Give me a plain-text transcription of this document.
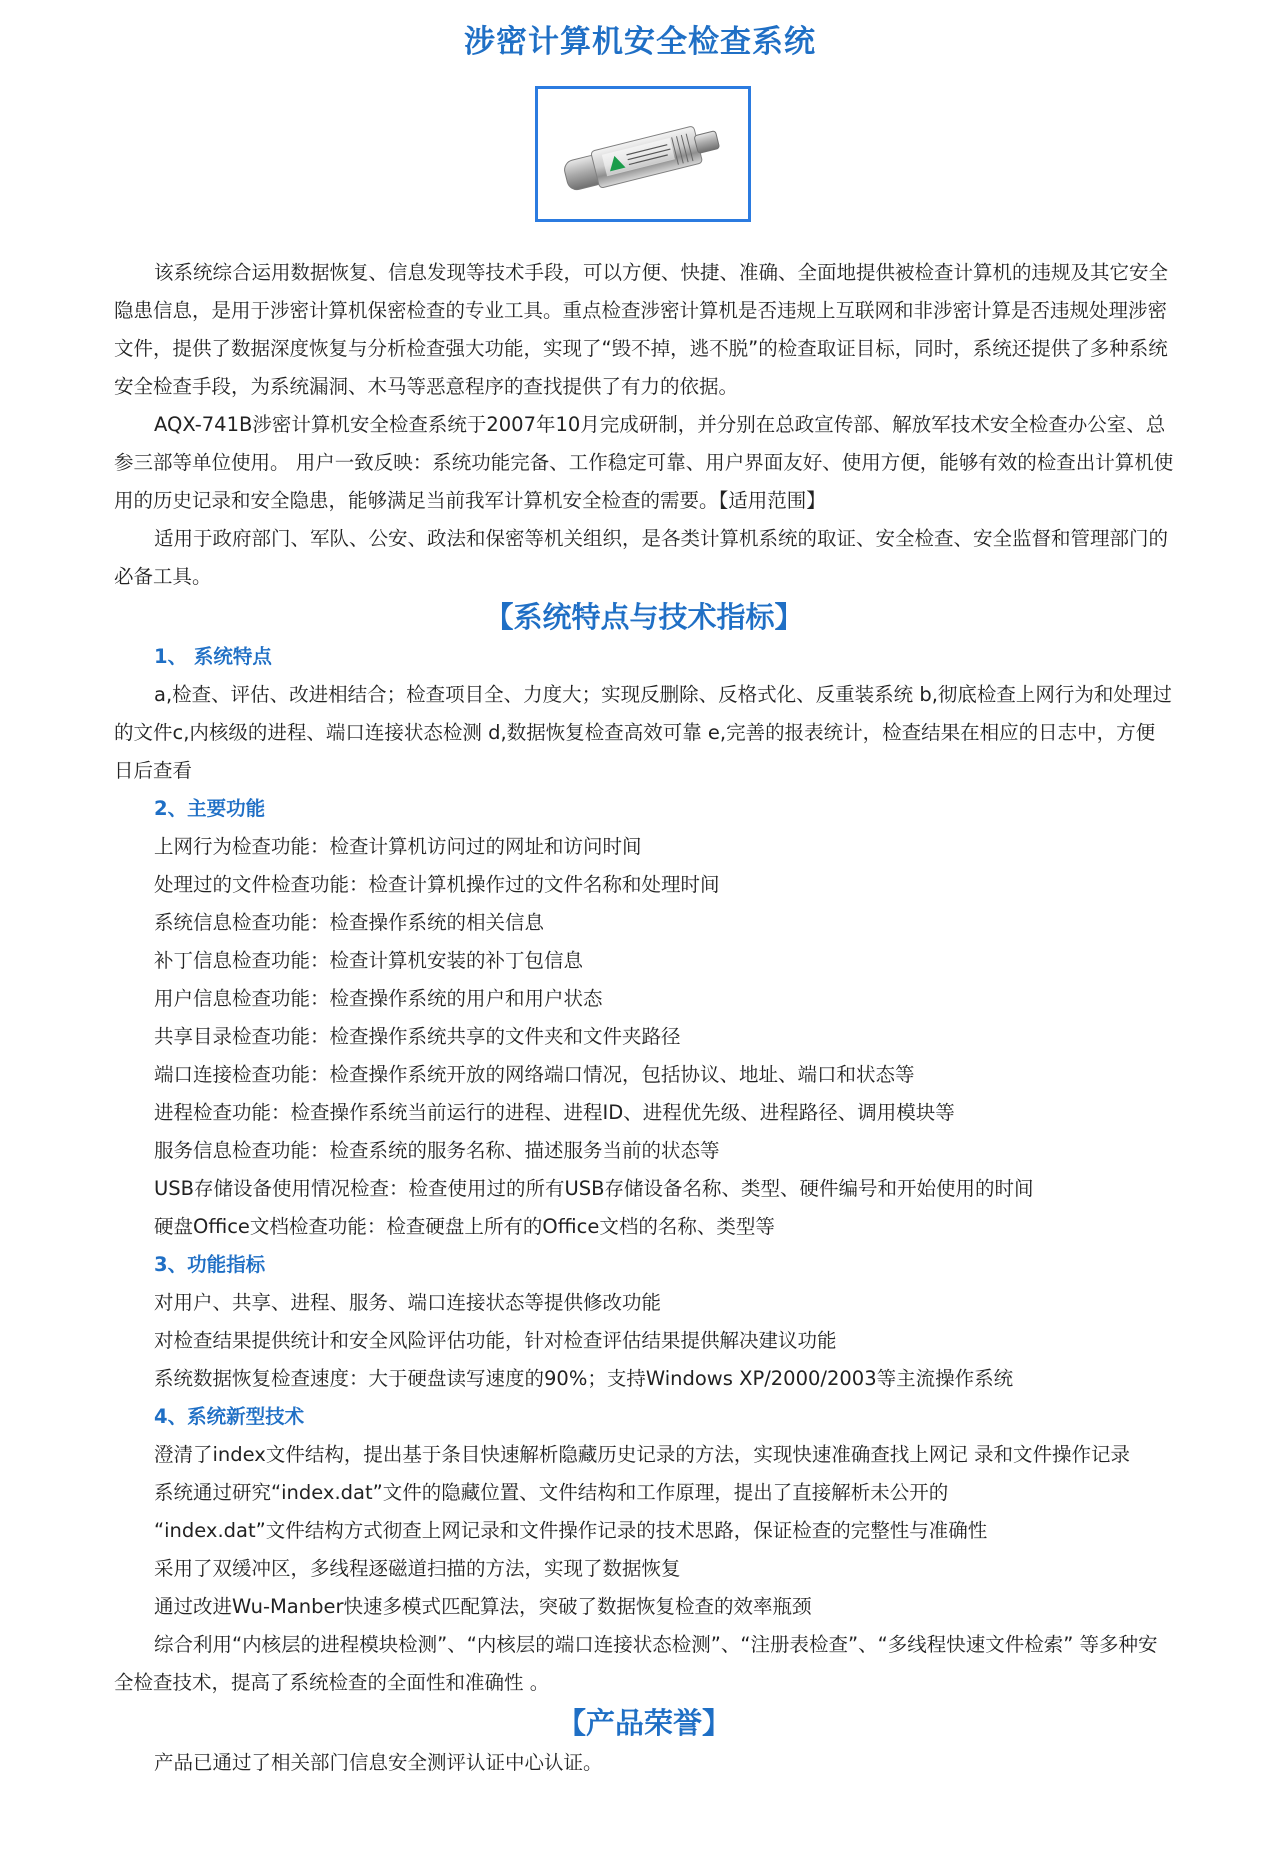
涉密计算机安全检查系统

该系统综合运用数据恢复、信息发现等技术手段，可以方便、快捷、准确、全面地提供被检查计算机的违规及其它安全隐患信息，是用于涉密计算机保密检查的专业工具。重点检查涉密计算机是否违规上互联网和非涉密计算是否违规处理涉密文件，提供了数据深度恢复与分析检查强大功能，实现了“毁不掉，逃不脱”的检查取证目标，同时，系统还提供了多种系统安全检查手段，为系统漏洞、木马等恶意程序的查找提供了有力的依据。

AQX-741B涉密计算机安全检查系统于2007年10月完成研制，并分别在总政宣传部、解放军技术安全检查办公室、总参三部等单位使用。 用户一致反映：系统功能完备、工作稳定可靠、用户界面友好、使用方便，能够有效的检查出计算机使用的历史记录和安全隐患，能够满足当前我军计算机安全检查的需要。【适用范围】

适用于政府部门、军队、公安、政法和保密等机关组织，是各类计算机系统的取证、安全检查、安全监督和管理部门的必备工具。

【系统特点与技术指标】

1、 系统特点

a,检查、评估、改进相结合；检查项目全、力度大；实现反删除、反格式化、反重装系统 b,彻底检查上网行为和处理过的文件c,内核级的进程、端口连接状态检测 d,数据恢复检查高效可靠 e,完善的报表统计，检查结果在相应的日志中，方便日后查看

2、主要功能

上网行为检查功能：检查计算机访问过的网址和访问时间

处理过的文件检查功能：检查计算机操作过的文件名称和处理时间

系统信息检查功能：检查操作系统的相关信息

补丁信息检查功能：检查计算机安装的补丁包信息

用户信息检查功能：检查操作系统的用户和用户状态

共享目录检查功能：检查操作系统共享的文件夹和文件夹路径

端口连接检查功能：检查操作系统开放的网络端口情况，包括协议、地址、端口和状态等

进程检查功能：检查操作系统当前运行的进程、进程ID、进程优先级、进程路径、调用模块等

服务信息检查功能：检查系统的服务名称、描述服务当前的状态等

USB存储设备使用情况检查：检查使用过的所有USB存储设备名称、类型、硬件编号和开始使用的时间

硬盘Office文档检查功能：检查硬盘上所有的Office文档的名称、类型等

3、功能指标

对用户、共享、进程、服务、端口连接状态等提供修改功能

对检查结果提供统计和安全风险评估功能，针对检查评估结果提供解决建议功能

系统数据恢复检查速度：大于硬盘读写速度的90%；支持Windows XP/2000/2003等主流操作系统

4、系统新型技术

澄清了index文件结构，提出基于条目快速解析隐藏历史记录的方法，实现快速准确查找上网记 录和文件操作记录

系统通过研究“index.dat”文件的隐藏位置、文件结构和工作原理，提出了直接解析未公开的

“index.dat”文件结构方式彻查上网记录和文件操作记录的技术思路，保证检查的完整性与准确性

采用了双缓冲区，多线程逐磁道扫描的方法，实现了数据恢复

通过改进Wu-Manber快速多模式匹配算法，突破了数据恢复检查的效率瓶颈

综合利用“内核层的进程模块检测”、“内核层的端口连接状态检测”、“注册表检查”、“多线程快速文件检索” 等多种安全检查技术，提高了系统检查的全面性和准确性 。

【产品荣誉】

产品已通过了相关部门信息安全测评认证中心认证。
